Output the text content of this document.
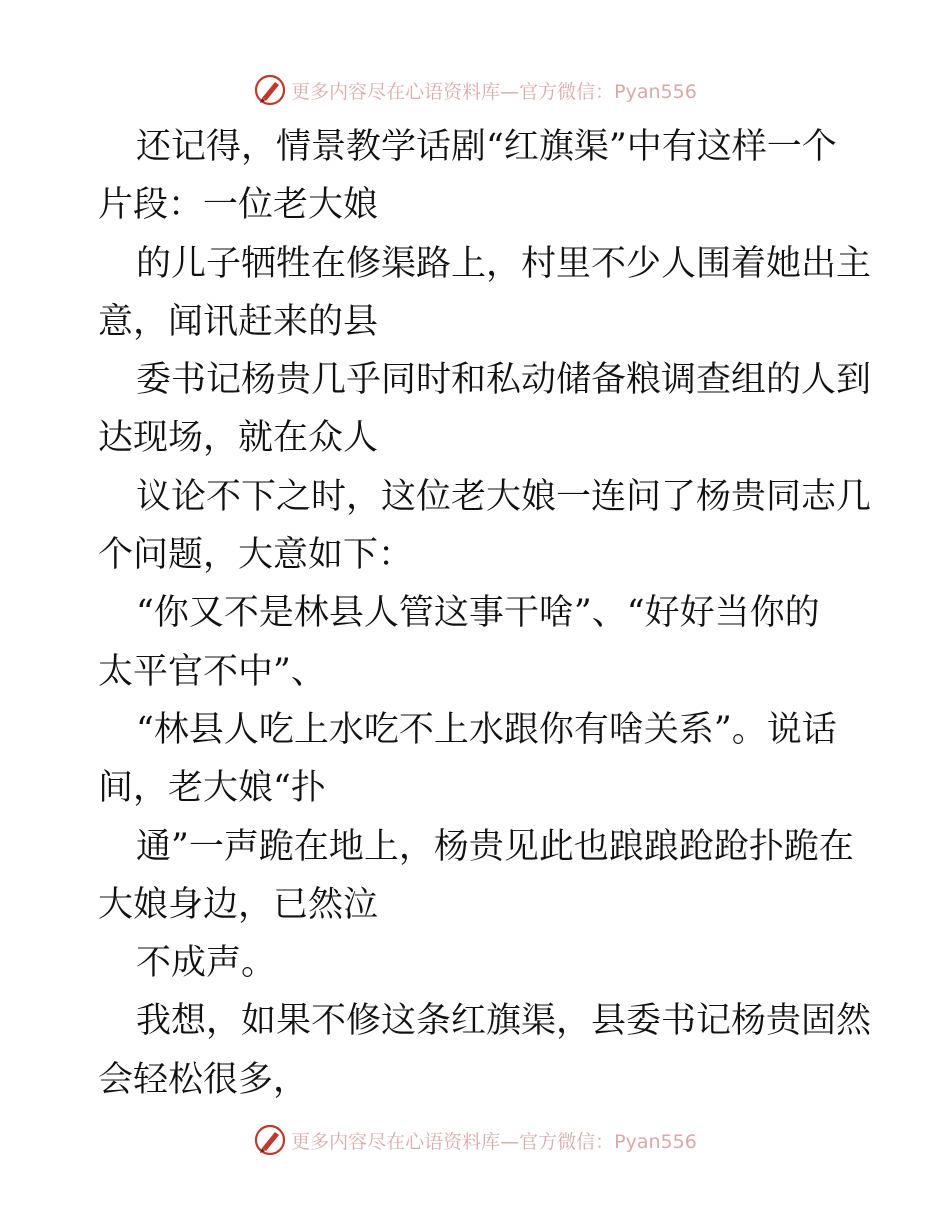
更多内容尽在心语资料库—官方微信：Pyan556
还记得，情景教学话剧“红旗渠”中有这样一个
片段：一位老大娘
的儿子牺牲在修渠路上，村里不少人围着她出主
意，闻讯赶来的县
委书记杨贵几乎同时和私动储备粮调查组的人到
达现场，就在众人
议论不下之时，这位老大娘一连问了杨贵同志几
个问题，大意如下：
“你又不是林县人管这事干啥”、“好好当你的
太平官不中”、
“林县人吃上水吃不上水跟你有啥关系”。说话
间，老大娘“扑
通”一声跪在地上，杨贵见此也踉踉跄跄扑跪在
大娘身边，已然泣
不成声。
我想，如果不修这条红旗渠，县委书记杨贵固然
会轻松很多，
更多内容尽在心语资料库—官方微信：Pyan556
